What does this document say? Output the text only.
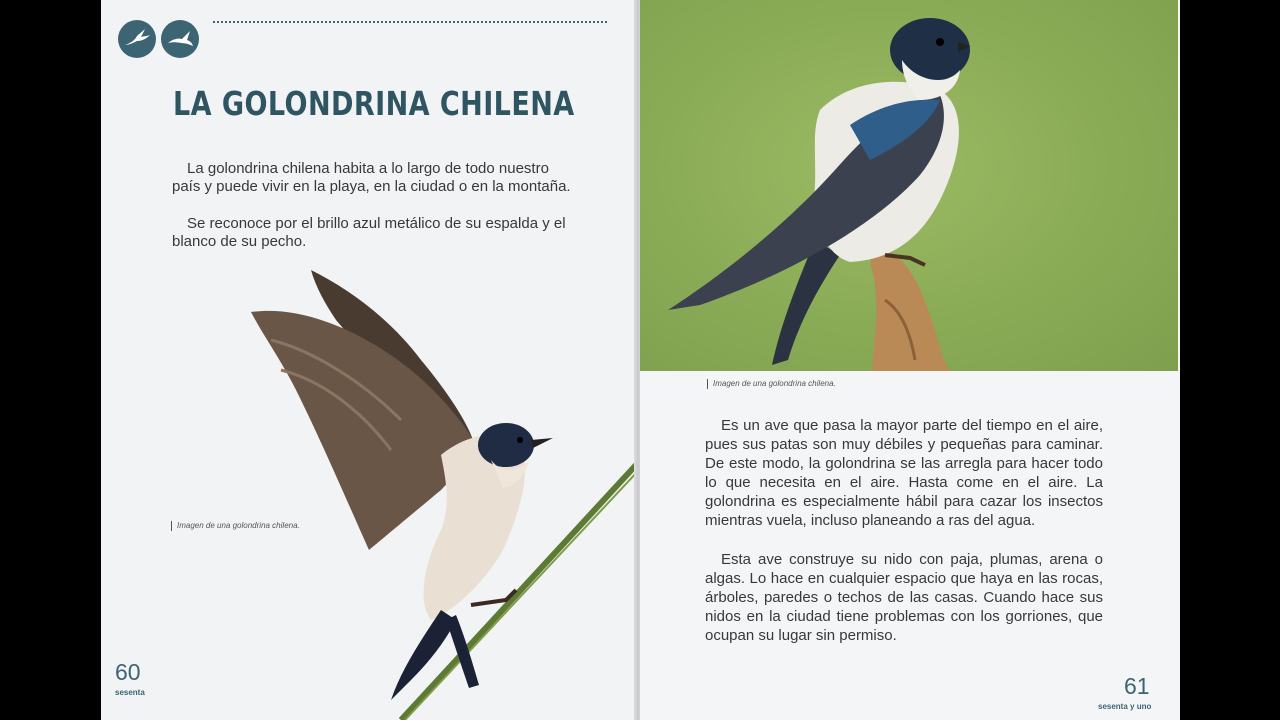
LA GOLONDRINA CHILENA

La golondrina chilena habita a lo largo de todo nuestro país y puede vivir en la playa, en la ciudad o en la montaña.

Se reconoce por el brillo azul metálico de su espalda y el blanco de su pecho.

Imagen de una golondrina chilena.

60

sesenta

Imagen de una golondrina chilena.

Es un ave que pasa la mayor parte del tiempo en el aire, pues sus patas son muy débiles y pequeñas para caminar. De este modo, la golondrina se las arregla para hacer todo lo que necesita en el aire. Hasta come en el aire. La golondrina es especialmente hábil para cazar los insectos mientras vuela, incluso planeando a ras del agua.

Esta ave construye su nido con paja, plumas, arena o algas. Lo hace en cualquier espacio que haya en las rocas, árboles, paredes o techos de las casas. Cuando hace sus nidos en la ciudad tiene problemas con los gorriones, que ocupan su lugar sin permiso.

61

sesenta y uno
